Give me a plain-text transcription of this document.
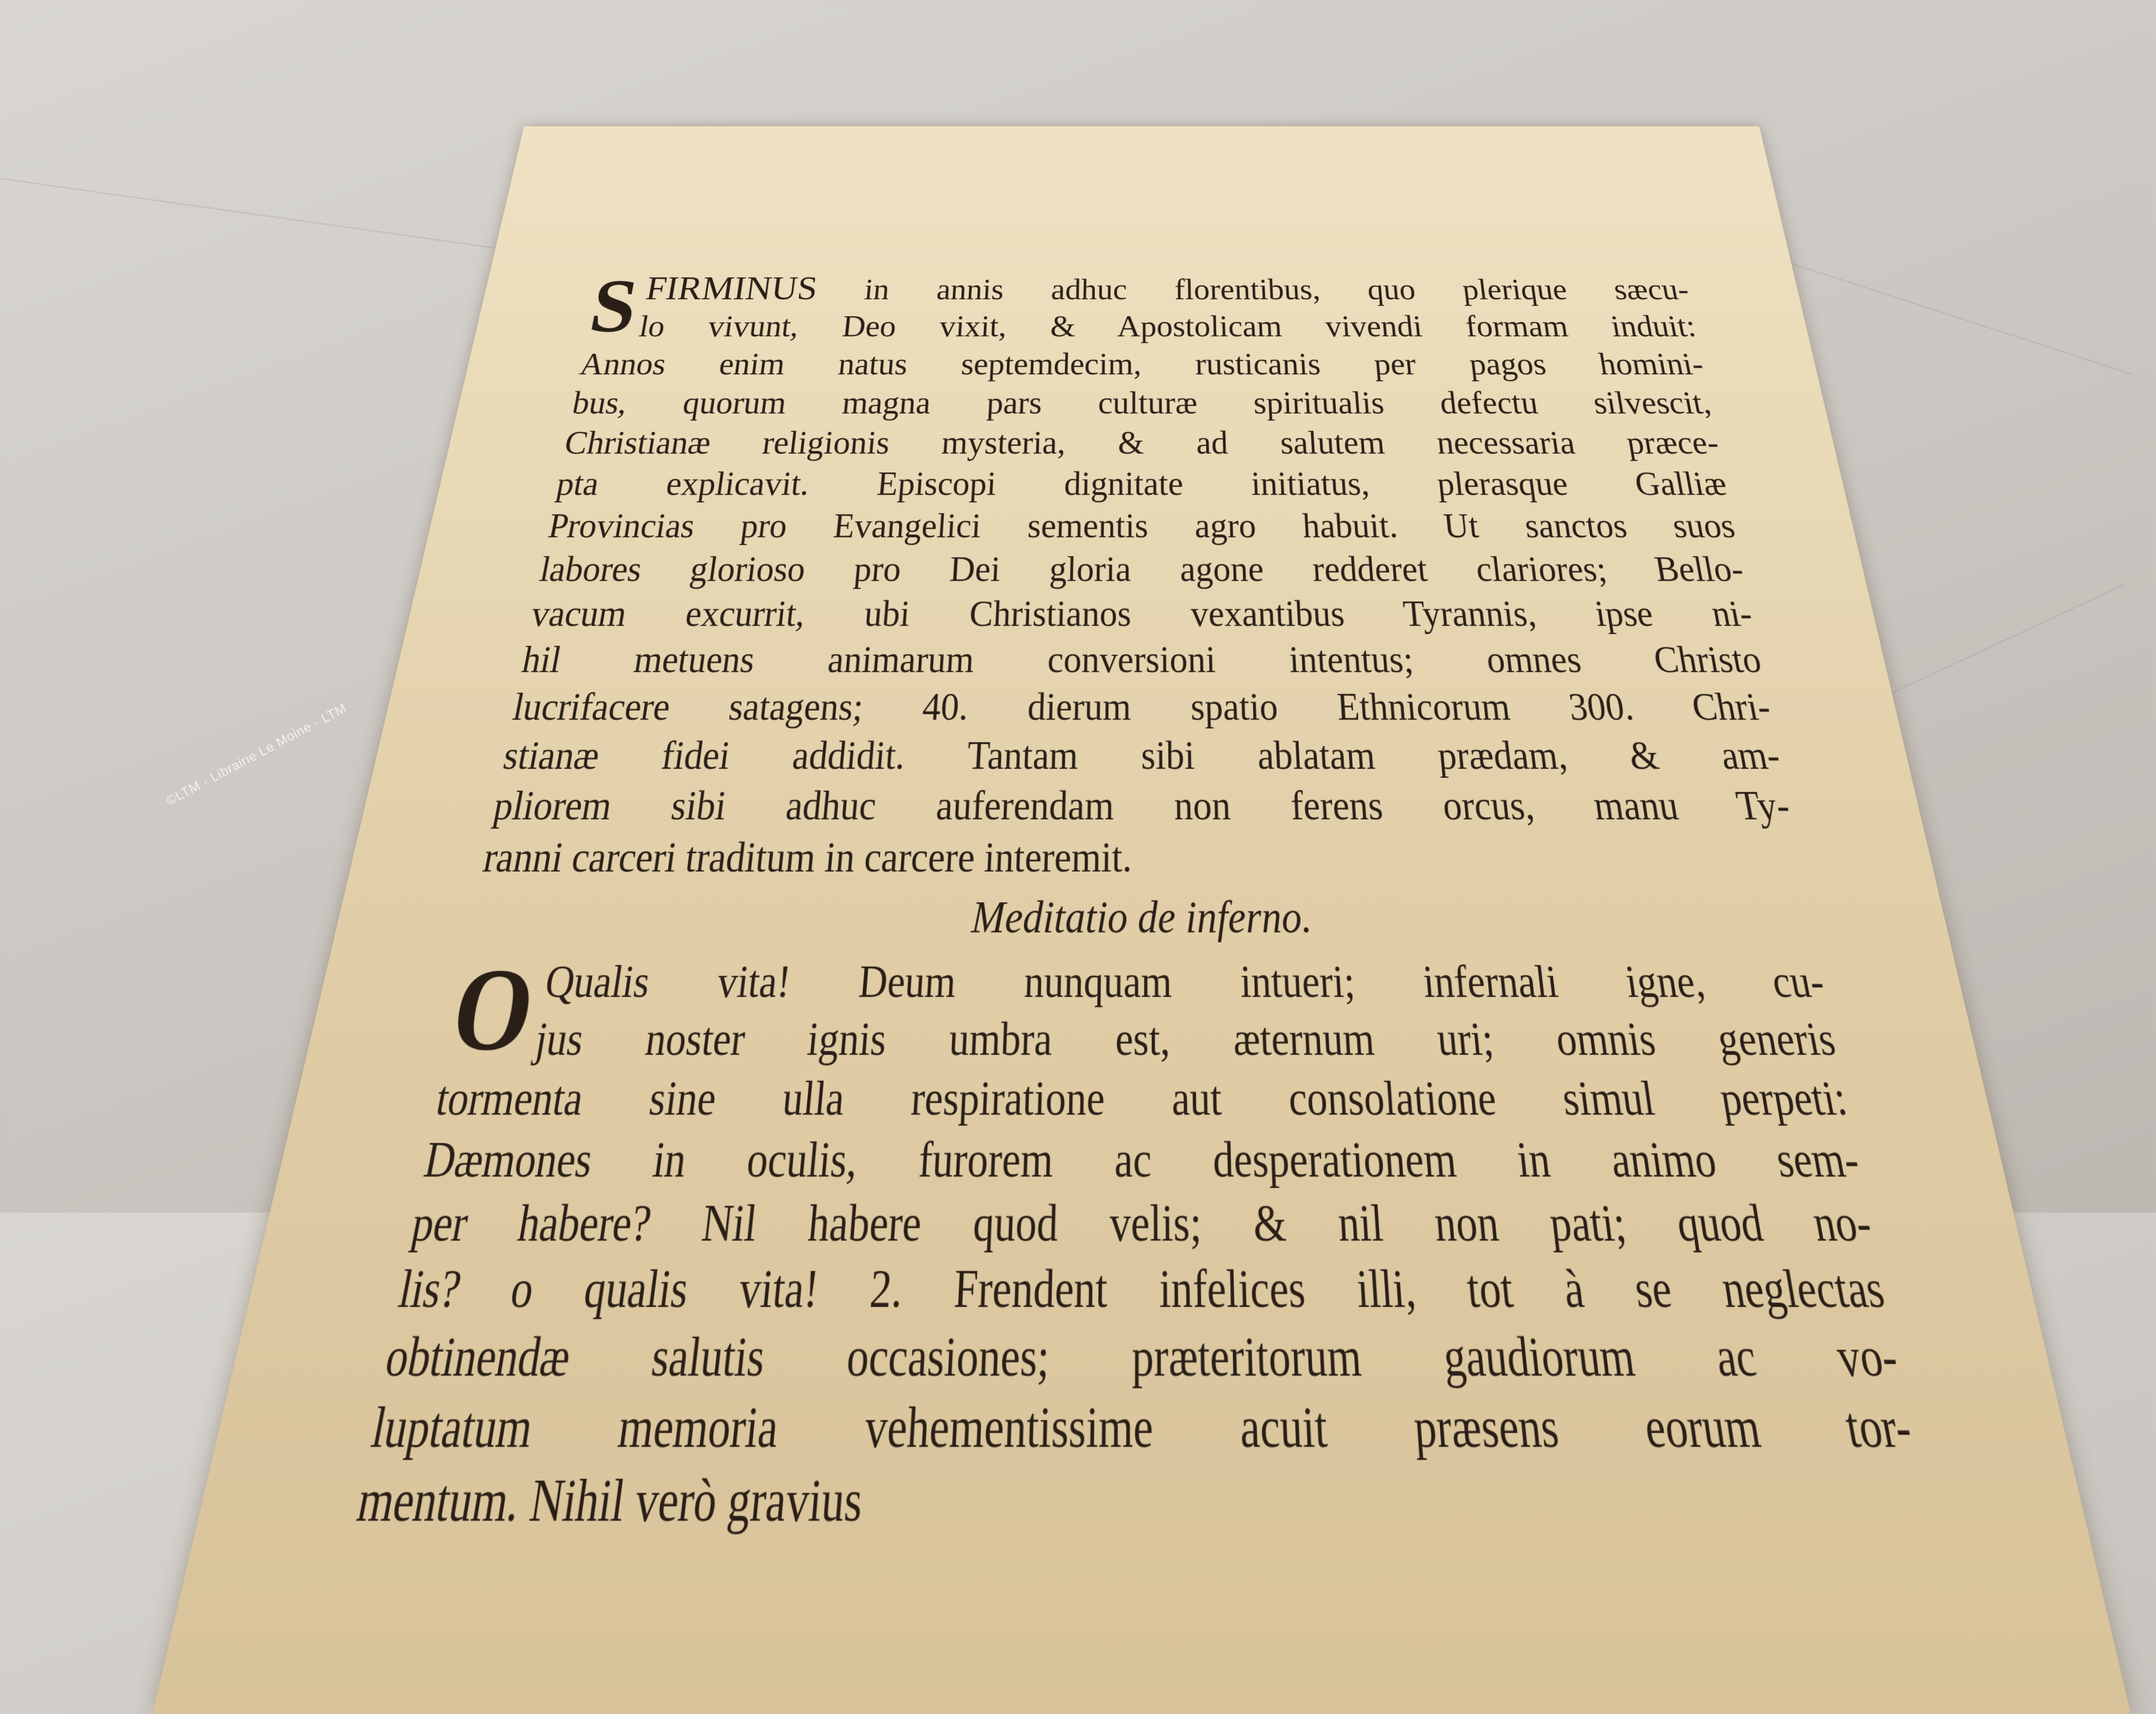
©LTM · Librairie Le Moine · LTM
S
FIRMINUS in annis adhuc florentibus, quo plerique sæcu-
lo vivunt, Deo vixit, & Apostolicam vivendi formam induit:
Annos enim natus septemdecim, rusticanis per pagos homini-
bus, quorum magna pars culturæ spiritualis defectu silvescit,
Christianæ religionis mysteria, & ad salutem necessaria præce-
pta explicavit. Episcopi dignitate initiatus, plerasque Galliæ
Provincias pro Evangelici sementis agro habuit. Ut sanctos suos
labores glorioso pro Dei gloria agone redderet clariores; Bello-
vacum excurrit, ubi Christianos vexantibus Tyrannis, ipse ni-
hil metuens animarum conversioni intentus; omnes Christo
lucrifacere satagens; 40. dierum spatio Ethnicorum 300. Chri-
stianæ fidei addidit. Tantam sibi ablatam prædam, & am-
pliorem sibi adhuc auferendam non ferens orcus, manu Ty-
ranni carceri traditum in carcere interemit.
Meditatio de inferno.
O
Qualis vita! Deum nunquam intueri; infernali igne, cu-
jus noster ignis umbra est, æternum uri; omnis generis
tormenta sine ulla respiratione aut consolatione simul perpeti:
Dæmones in oculis, furorem ac desperationem in animo sem-
per habere? Nil habere quod velis; & nil non pati; quod no-
lis? o qualis vita! 2. Frendent infelices illi, tot à se neglectas
obtinendæ salutis occasiones; præteritorum gaudiorum ac vo-
luptatum memoria vehementissime acuit præsens eorum tor-
mentum. Nihil verò gravius
